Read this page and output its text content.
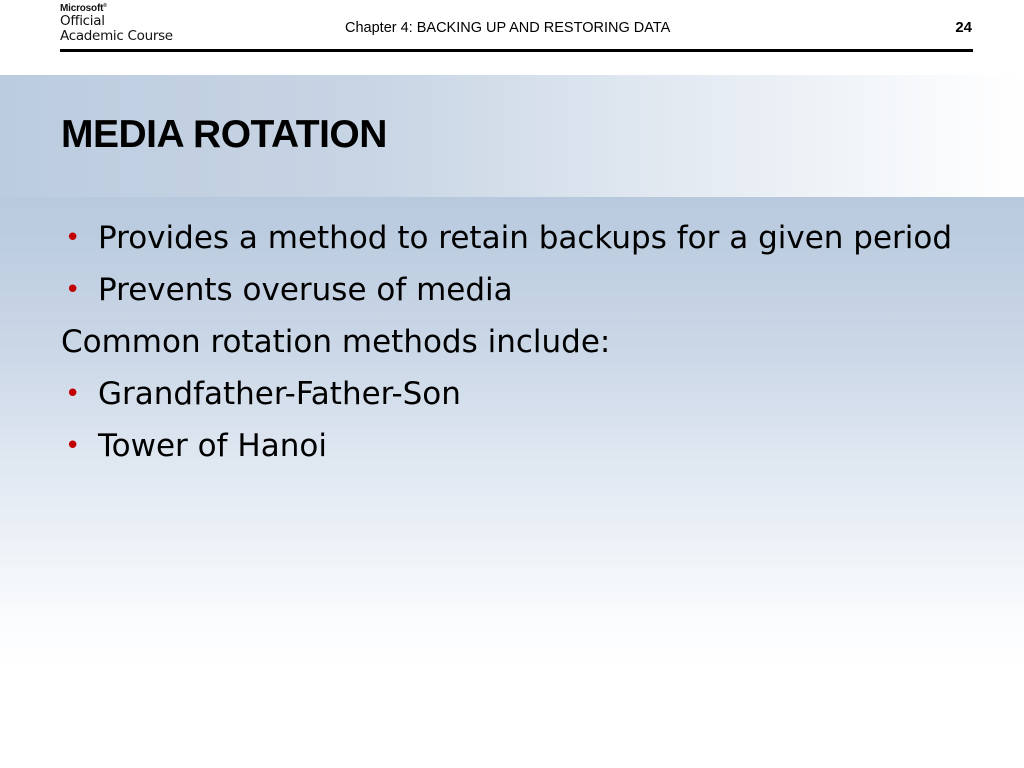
Microsoft®
Official
Academic Course	Chapter 4: BACKING UP AND RESTORING DATA	24
MEDIA ROTATION
• Provides a method to retain backups for a given period
• Prevents overuse of media
Common rotation methods include:
• Grandfather-Father-Son
• Tower of Hanoi
